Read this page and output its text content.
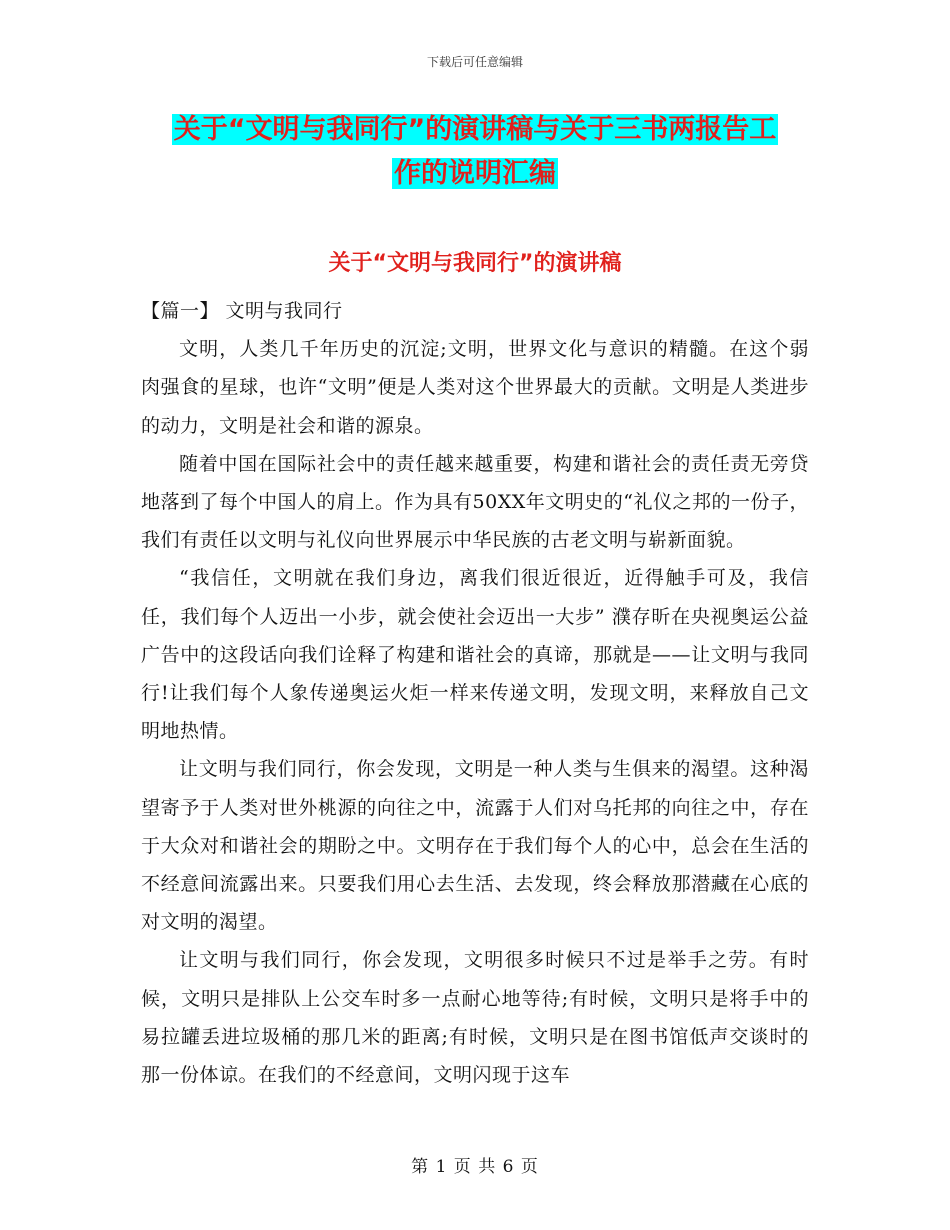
下载后可任意编辑
关于“文明与我同行”的演讲稿与关于三书两报告工
作的说明汇编
关于“文明与我同行”的演讲稿

【篇一】 文明与我同行

文明，人类几千年历史的沉淀;文明，世界文化与意识的精髓。在这个弱肉强食的星球，也许“文明”便是人类对这个世界最大的贡献。文明是人类进步的动力，文明是社会和谐的源泉。

随着中国在国际社会中的责任越来越重要，构建和谐社会的责任责无旁贷地落到了每个中国人的肩上。作为具有50XX年文明史的“礼仪之邦的一份子，我们有责任以文明与礼仪向世界展示中华民族的古老文明与崭新面貌。

“我信任，文明就在我们身边，离我们很近很近，近得触手可及，我信任，我们每个人迈出一小步，就会使社会迈出一大步” 濮存昕在央视奥运公益广告中的这段话向我们诠释了构建和谐社会的真谛，那就是——让文明与我同行!让我们每个人象传递奥运火炬一样来传递文明，发现文明，来释放自己文明地热情。

让文明与我们同行，你会发现，文明是一种人类与生俱来的渴望。这种渴望寄予于人类对世外桃源的向往之中，流露于人们对乌托邦的向往之中，存在于大众对和谐社会的期盼之中。文明存在于我们每个人的心中，总会在生活的不经意间流露出来。只要我们用心去生活、去发现，终会释放那潜藏在心底的对文明的渴望。

让文明与我们同行，你会发现，文明很多时候只不过是举手之劳。有时候，文明只是排队上公交车时多一点耐心地等待;有时候，文明只是将手中的易拉罐丢进垃圾桶的那几米的距离;有时候，文明只是在图书馆低声交谈时的那一份体谅。在我们的不经意间，文明闪现于这车

第 1 页 共 6 页
